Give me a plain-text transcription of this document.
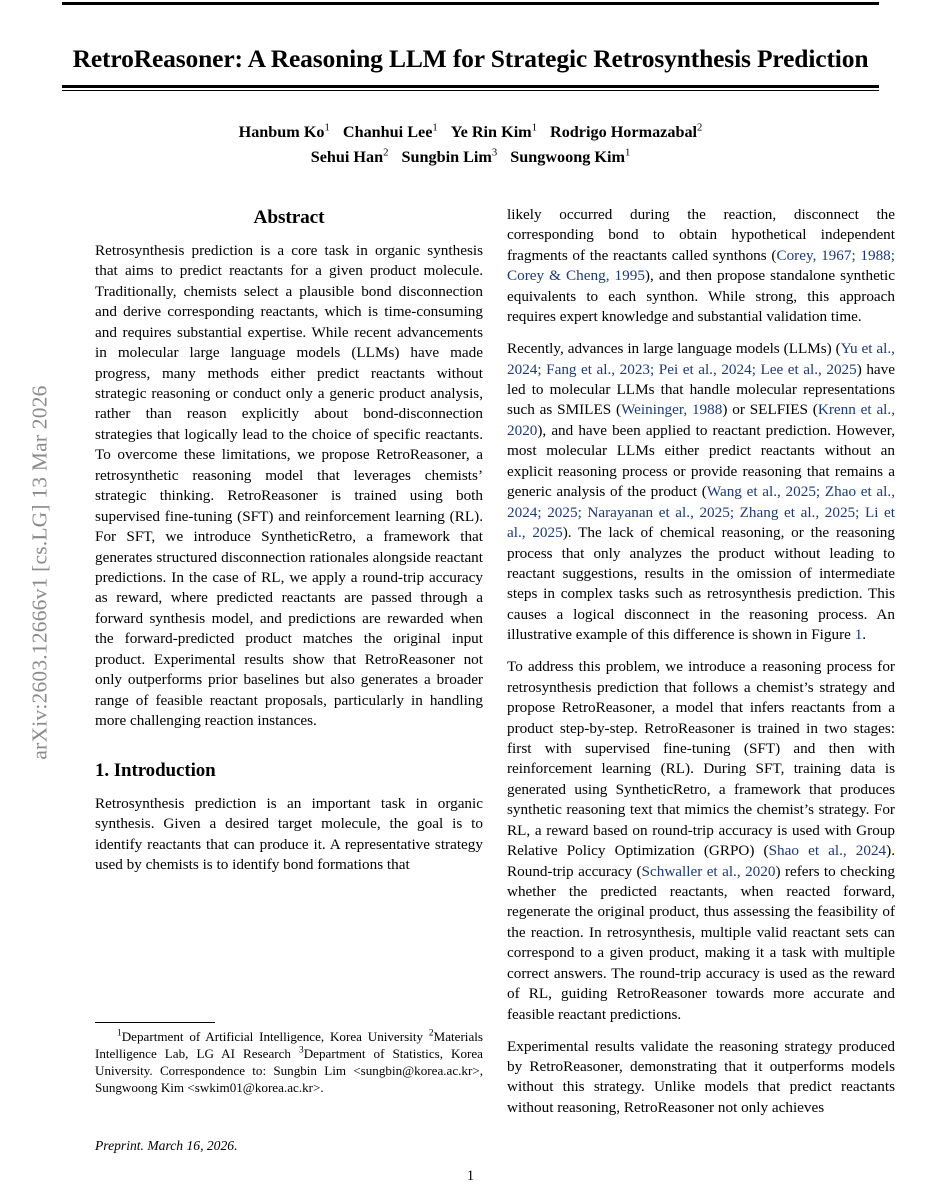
arXiv:2603.12666v1 [cs.LG] 13 Mar 2026
RetroReasoner: A Reasoning LLM for Strategic Retrosynthesis Prediction
Hanbum Ko$^1$ Chanhui Lee$^1$ Ye Rin Kim$^1$ Rodrigo Hormazabal$^2$
Sehui Han$^2$ Sungbin Lim$^3$ Sungwoong Kim$^1$
Abstract

Retrosynthesis prediction is a core task in organic synthesis that aims to predict reactants for a given product molecule. Traditionally, chemists select a plausible bond disconnection and derive corresponding reactants, which is time-consuming and requires substantial expertise. While recent advancements in molecular large language models (LLMs) have made progress, many methods either predict reactants without strategic reasoning or conduct only a generic product analysis, rather than reason explicitly about bond-disconnection strategies that logically lead to the choice of specific reactants. To overcome these limitations, we propose RetroReasoner, a retrosynthetic reasoning model that leverages chemists’ strategic thinking. RetroReasoner is trained using both supervised fine-tuning (SFT) and reinforcement learning (RL). For SFT, we introduce SyntheticRetro, a framework that generates structured disconnection rationales alongside reactant predictions. In the case of RL, we apply a round-trip accuracy as reward, where predicted reactants are passed through a forward synthesis model, and predictions are rewarded when the forward-predicted product matches the original input product. Experimental results show that RetroReasoner not only outperforms prior baselines but also generates a broader range of feasible reactant proposals, particularly in handling more challenging reaction instances.

1. Introduction

Retrosynthesis prediction is an important task in organic synthesis. Given a desired target molecule, the goal is to identify reactants that can produce it. A representative strategy used by chemists is to identify bond formations that

likely occurred during the reaction, disconnect the corresponding bond to obtain hypothetical independent fragments of the reactants called synthons (Corey, 1967; 1988; Corey & Cheng, 1995), and then propose standalone synthetic equivalents to each synthon. While strong, this approach requires expert knowledge and substantial validation time.

Recently, advances in large language models (LLMs) (Yu et al., 2024; Fang et al., 2023; Pei et al., 2024; Lee et al., 2025) have led to molecular LLMs that handle molecular representations such as SMILES (Weininger, 1988) or SELFIES (Krenn et al., 2020), and have been applied to reactant prediction. However, most molecular LLMs either predict reactants without an explicit reasoning process or provide reasoning that remains a generic analysis of the product (Wang et al., 2025; Zhao et al., 2024; 2025; Narayanan et al., 2025; Zhang et al., 2025; Li et al., 2025). The lack of chemical reasoning, or the reasoning process that only analyzes the product without leading to reactant suggestions, results in the omission of intermediate steps in complex tasks such as retrosynthesis prediction. This causes a logical disconnect in the reasoning process. An illustrative example of this difference is shown in Figure 1.

To address this problem, we introduce a reasoning process for retrosynthesis prediction that follows a chemist’s strategy and propose RetroReasoner, a model that infers reactants from a product step-by-step. RetroReasoner is trained in two stages: first with supervised fine-tuning (SFT) and then with reinforcement learning (RL). During SFT, training data is generated using SyntheticRetro, a framework that produces synthetic reasoning text that mimics the chemist’s strategy. For RL, a reward based on round-trip accuracy is used with Group Relative Policy Optimization (GRPO) (Shao et al., 2024). Round-trip accuracy (Schwaller et al., 2020) refers to checking whether the predicted reactants, when reacted forward, regenerate the original product, thus assessing the feasibility of the reaction. In retrosynthesis, multiple valid reactant sets can correspond to a given product, making it a task with multiple correct answers. The round-trip accuracy is used as the reward of RL, guiding RetroReasoner towards more accurate and feasible reactant predictions.

Experimental results validate the reasoning strategy produced by RetroReasoner, demonstrating that it outperforms models without this strategy. Unlike models that predict reactants without reasoning, RetroReasoner not only achieves

$^1$Department of Artificial Intelligence, Korea University $^2$Materials Intelligence Lab, LG AI Research $^3$Department of Statistics, Korea University. Correspondence to: Sungbin Lim <sungbin@korea.ac.kr>, Sungwoong Kim <swkim01@korea.ac.kr>.

Preprint. March 16, 2026.
1
